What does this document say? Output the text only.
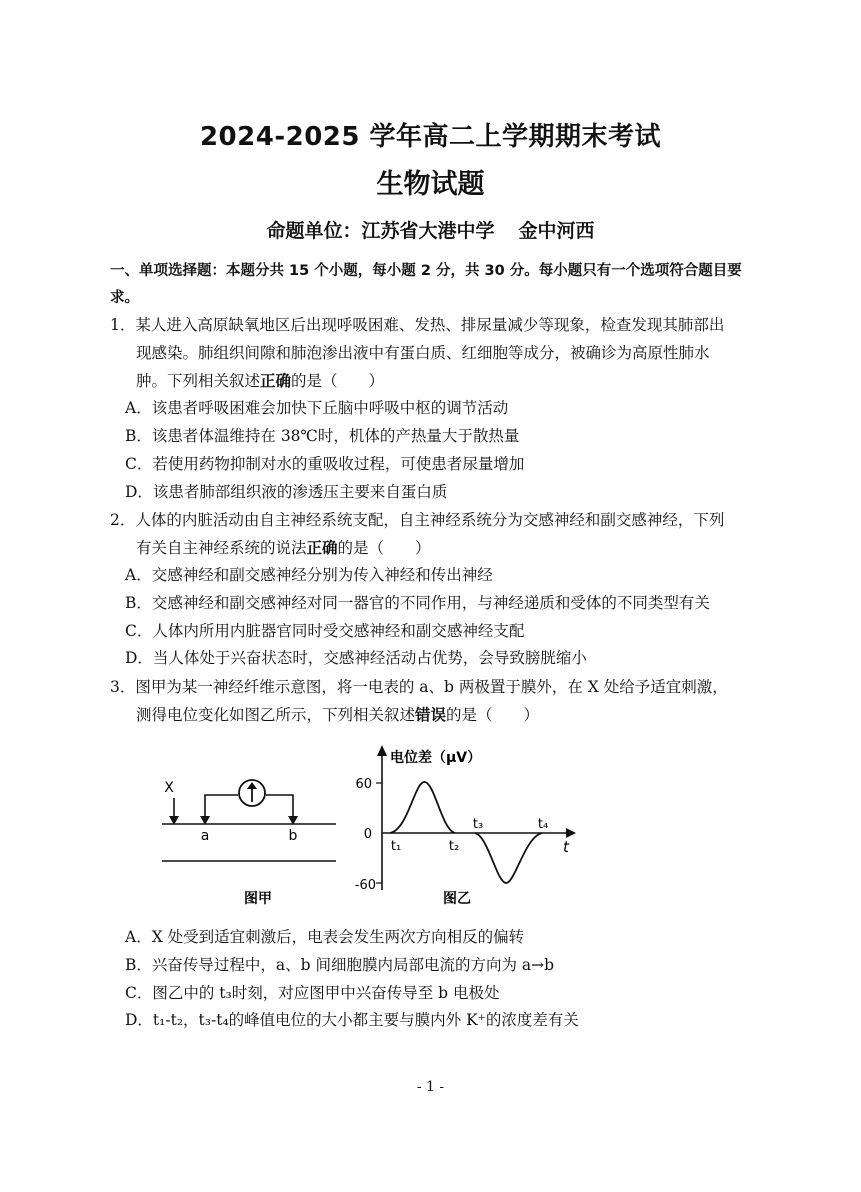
2024-2025 学年高二上学期期末考试
生物试题
命题单位：江苏省大港中学 金中河西
一、单项选择题：本题分共 15 个小题，每小题 2 分，共 30 分。每小题只有一个选项符合题目要求。
1．某人进入高原缺氧地区后出现呼吸困难、发热、排尿量减少等现象，检查发现其肺部出
现感染。肺组织间隙和肺泡渗出液中有蛋白质、红细胞等成分，被确诊为高原性肺水
肿。下列相关叙述正确的是（　　）
A．该患者呼吸困难会加快下丘脑中呼吸中枢的调节活动
B．该患者体温维持在 38℃时，机体的产热量大于散热量
C．若使用药物抑制对水的重吸收过程，可使患者尿量增加
D．该患者肺部组织液的渗透压主要来自蛋白质
2．人体的内脏活动由自主神经系统支配，自主神经系统分为交感神经和副交感神经，下列
有关自主神经系统的说法正确的是（　　）
A．交感神经和副交感神经分别为传入神经和传出神经
B．交感神经和副交感神经对同一器官的不同作用，与神经递质和受体的不同类型有关
C．人体内所用内脏器官同时受交感神经和副交感神经支配
D．当人体处于兴奋状态时，交感神经活动占优势，会导致膀胱缩小
3．图甲为某一神经纤维示意图，将一电表的 a、b 两极置于膜外，在 X 处给予适宜刺激，
测得电位变化如图乙所示，下列相关叙述错误的是（　　）
X
a	b
图甲
电位差（μV）
60
0
-60
t₁	t₂
t₃	t₄
t
图乙
A．X 处受到适宜刺激后，电表会发生两次方向相反的偏转
B．兴奋传导过程中，a、b 间细胞膜内局部电流的方向为 a→b
C．图乙中的 t₃时刻，对应图甲中兴奋传导至 b 电极处
D．t₁-t₂，t₃-t₄的峰值电位的大小都主要与膜内外 K⁺的浓度差有关
- 1 -
